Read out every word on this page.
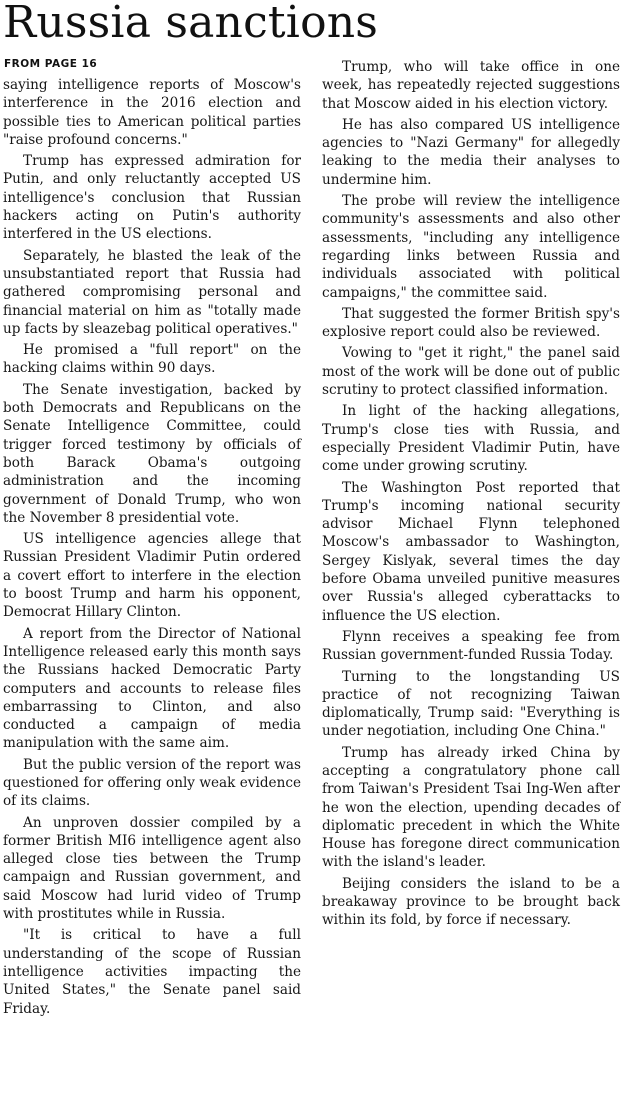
Russia sanctions
FROM PAGE 16

saying intelligence reports of Moscow's interference in the 2016 election and possible ties to American political parties "raise profound concerns."

Trump has expressed admiration for Putin, and only reluctantly accepted US intelligence's conclusion that Russian hackers acting on Putin's authority interfered in the US elections.

Separately, he blasted the leak of the unsubstantiated report that Russia had gathered compromising personal and financial material on him as "totally made up facts by sleazebag political operatives."

He promised a "full report" on the hacking claims within 90 days.

The Senate investigation, backed by both Democrats and Republicans on the Senate Intelligence Committee, could trigger forced testimony by officials of both Barack Obama's outgoing administration and the incoming government of Donald Trump, who won the November 8 presidential vote.

US intelligence agencies allege that Russian President Vladimir Putin ordered a covert effort to interfere in the election to boost Trump and harm his opponent, Democrat Hillary Clinton.

A report from the Director of National Intelligence released early this month says the Russians hacked Democratic Party computers and accounts to release files embarrassing to Clinton, and also conducted a campaign of media manipulation with the same aim.

But the public version of the report was questioned for offering only weak evidence of its claims.

An unproven dossier compiled by a former British MI6 intelligence agent also alleged close ties between the Trump campaign and Russian government, and said Moscow had lurid video of Trump with prostitutes while in Russia.

"It is critical to have a full understanding of the scope of Russian intelligence activities impacting the United States," the Senate panel said Friday.

Trump, who will take office in one week, has repeatedly rejected suggestions that Moscow aided in his election victory.

He has also compared US intelligence agencies to "Nazi Germany" for allegedly leaking to the media their analyses to undermine him.

The probe will review the intelligence community's assessments and also other assessments, "including any intelligence regarding links between Russia and individuals associated with political campaigns," the committee said.

That suggested the former British spy's explosive report could also be reviewed.

Vowing to "get it right," the panel said most of the work will be done out of public scrutiny to protect classified information.

In light of the hacking allegations, Trump's close ties with Russia, and especially President Vladimir Putin, have come under growing scrutiny.

The Washington Post reported that Trump's incoming national security advisor Michael Flynn telephoned Moscow's ambassador to Washington, Sergey Kislyak, several times the day before Obama unveiled punitive measures over Russia's alleged cyberattacks to influence the US election.

Flynn receives a speaking fee from Russian government-funded Russia Today.

Turning to the longstanding US practice of not recognizing Taiwan diplomatically, Trump said: "Everything is under negotiation, including One China."

Trump has already irked China by accepting a congratulatory phone call from Taiwan's President Tsai Ing-Wen after he won the election, upending decades of diplomatic precedent in which the White House has foregone direct communication with the island's leader.

Beijing considers the island to be a breakaway province to be brought back within its fold, by force if necessary.
